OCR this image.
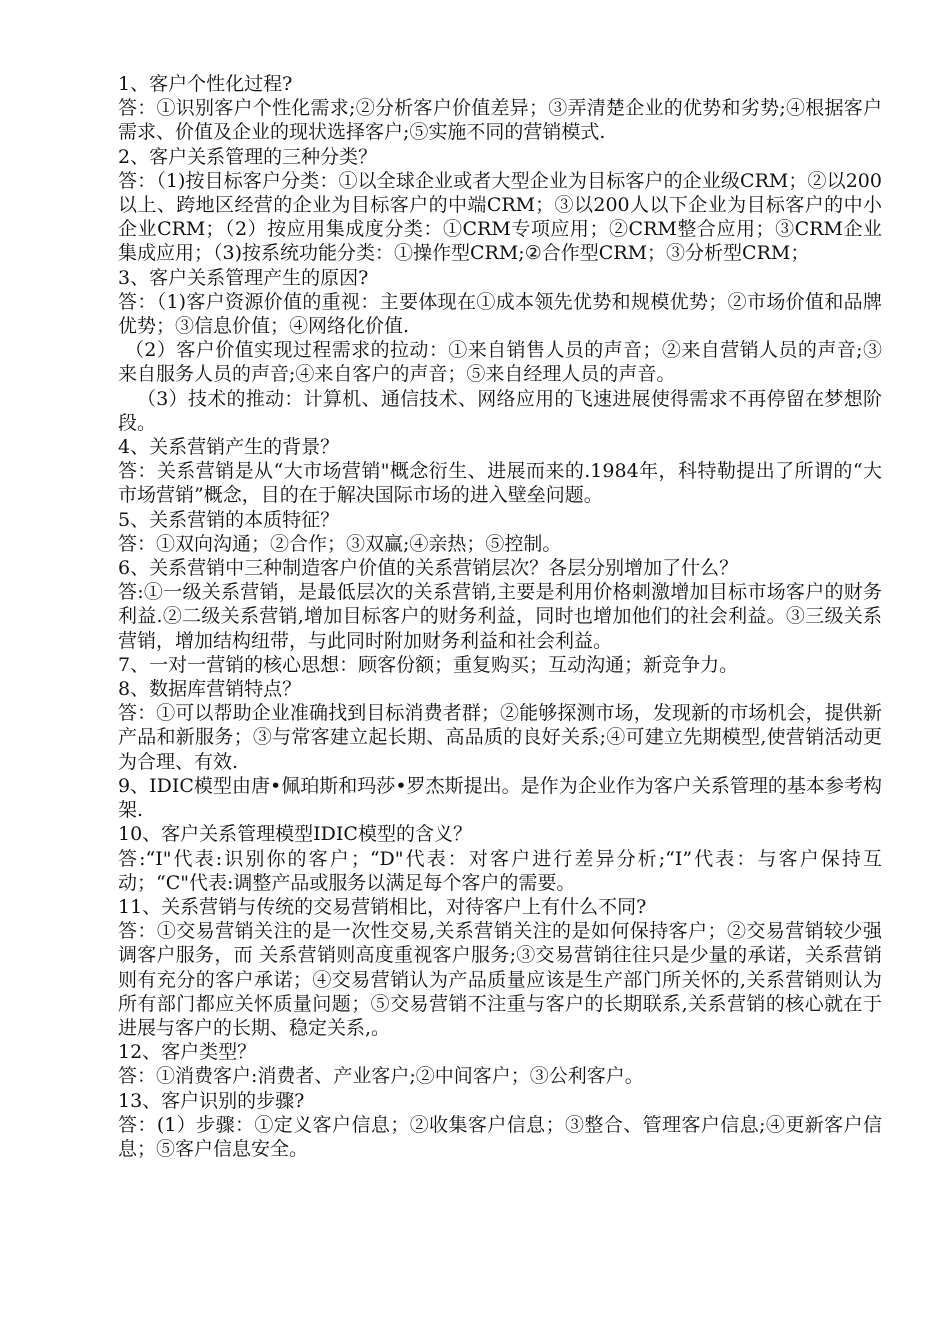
1、客户个性化过程?

答：①识别客户个性化需求;②分析客户价值差异；③弄清楚企业的优势和劣势;④根据客户需求、价值及企业的现状选择客户;⑤实施不同的营销模式.

2、客户关系管理的三种分类？

答：（1)按目标客户分类：①以全球企业或者大型企业为目标客户的企业级CRM；②以200以上、跨地区经营的企业为目标客户的中端CRM；③以200人以下企业为目标客户的中小企业CRM；（2）按应用集成度分类：①CRM专项应用；②CRM整合应用；③CRM企业集成应用；（3)按系统功能分类：①操作型CRM;②合作型CRM；③分析型CRM；

3、客户关系管理产生的原因?

答：（1)客户资源价值的重视：主要体现在①成本领先优势和规模优势；②市场价值和品牌优势；③信息价值；④网络化价值.

（2）客户价值实现过程需求的拉动：①来自销售人员的声音；②来自营销人员的声音;③来自服务人员的声音;④来自客户的声音；⑤来自经理人员的声音。

（3）技术的推动：计算机、通信技术、网络应用的飞速进展使得需求不再停留在梦想阶段。

4、关系营销产生的背景？

答：关系营销是从“大市场营销"概念衍生、进展而来的.1984年，科特勒提出了所谓的“大市场营销”概念，目的在于解决国际市场的进入壁垒问题。

5、关系营销的本质特征？

答：①双向沟通；②合作；③双赢;④亲热；⑤控制。

6、关系营销中三种制造客户价值的关系营销层次？各层分别增加了什么？

答:①一级关系营销，是最低层次的关系营销,主要是利用价格刺激增加目标市场客户的财务利益.②二级关系营销,增加目标客户的财务利益，同时也增加他们的社会利益。③三级关系营销，增加结构纽带，与此同时附加财务利益和社会利益。

7、一对一营销的核心思想：顾客份额；重复购买；互动沟通；新竞争力。

8、数据库营销特点？

答：①可以帮助企业准确找到目标消费者群；②能够探测市场，发现新的市场机会，提供新产品和新服务；③与常客建立起长期、高品质的良好关系;④可建立先期模型,使营销活动更为合理、有效.

9、IDIC模型由唐•佩珀斯和玛莎•罗杰斯提出。是作为企业作为客户关系管理的基本参考构架.

10、客户关系管理模型IDIC模型的含义？

答:“I"代表:识别你的客户；“D"代表：对客户进行差异分析;“I”代表：与客户保持互动；“C"代表:调整产品或服务以满足每个客户的需要。

11、关系营销与传统的交易营销相比，对待客户上有什么不同?

答：①交易营销关注的是一次性交易,关系营销关注的是如何保持客户；②交易营销较少强调客户服务，而 关系营销则高度重视客户服务;③交易营销往往只是少量的承诺，关系营销则有充分的客户承诺；④交易营销认为产品质量应该是生产部门所关怀的,关系营销则认为所有部门都应关怀质量问题；⑤交易营销不注重与客户的长期联系,关系营销的核心就在于进展与客户的长期、稳定关系,。

12、客户类型？

答：①消费客户:消费者、产业客户;②中间客户；③公利客户。

13、客户识别的步骤?

答：(1）步骤：①定义客户信息；②收集客户信息；③整合、管理客户信息;④更新客户信息；⑤客户信息安全。
